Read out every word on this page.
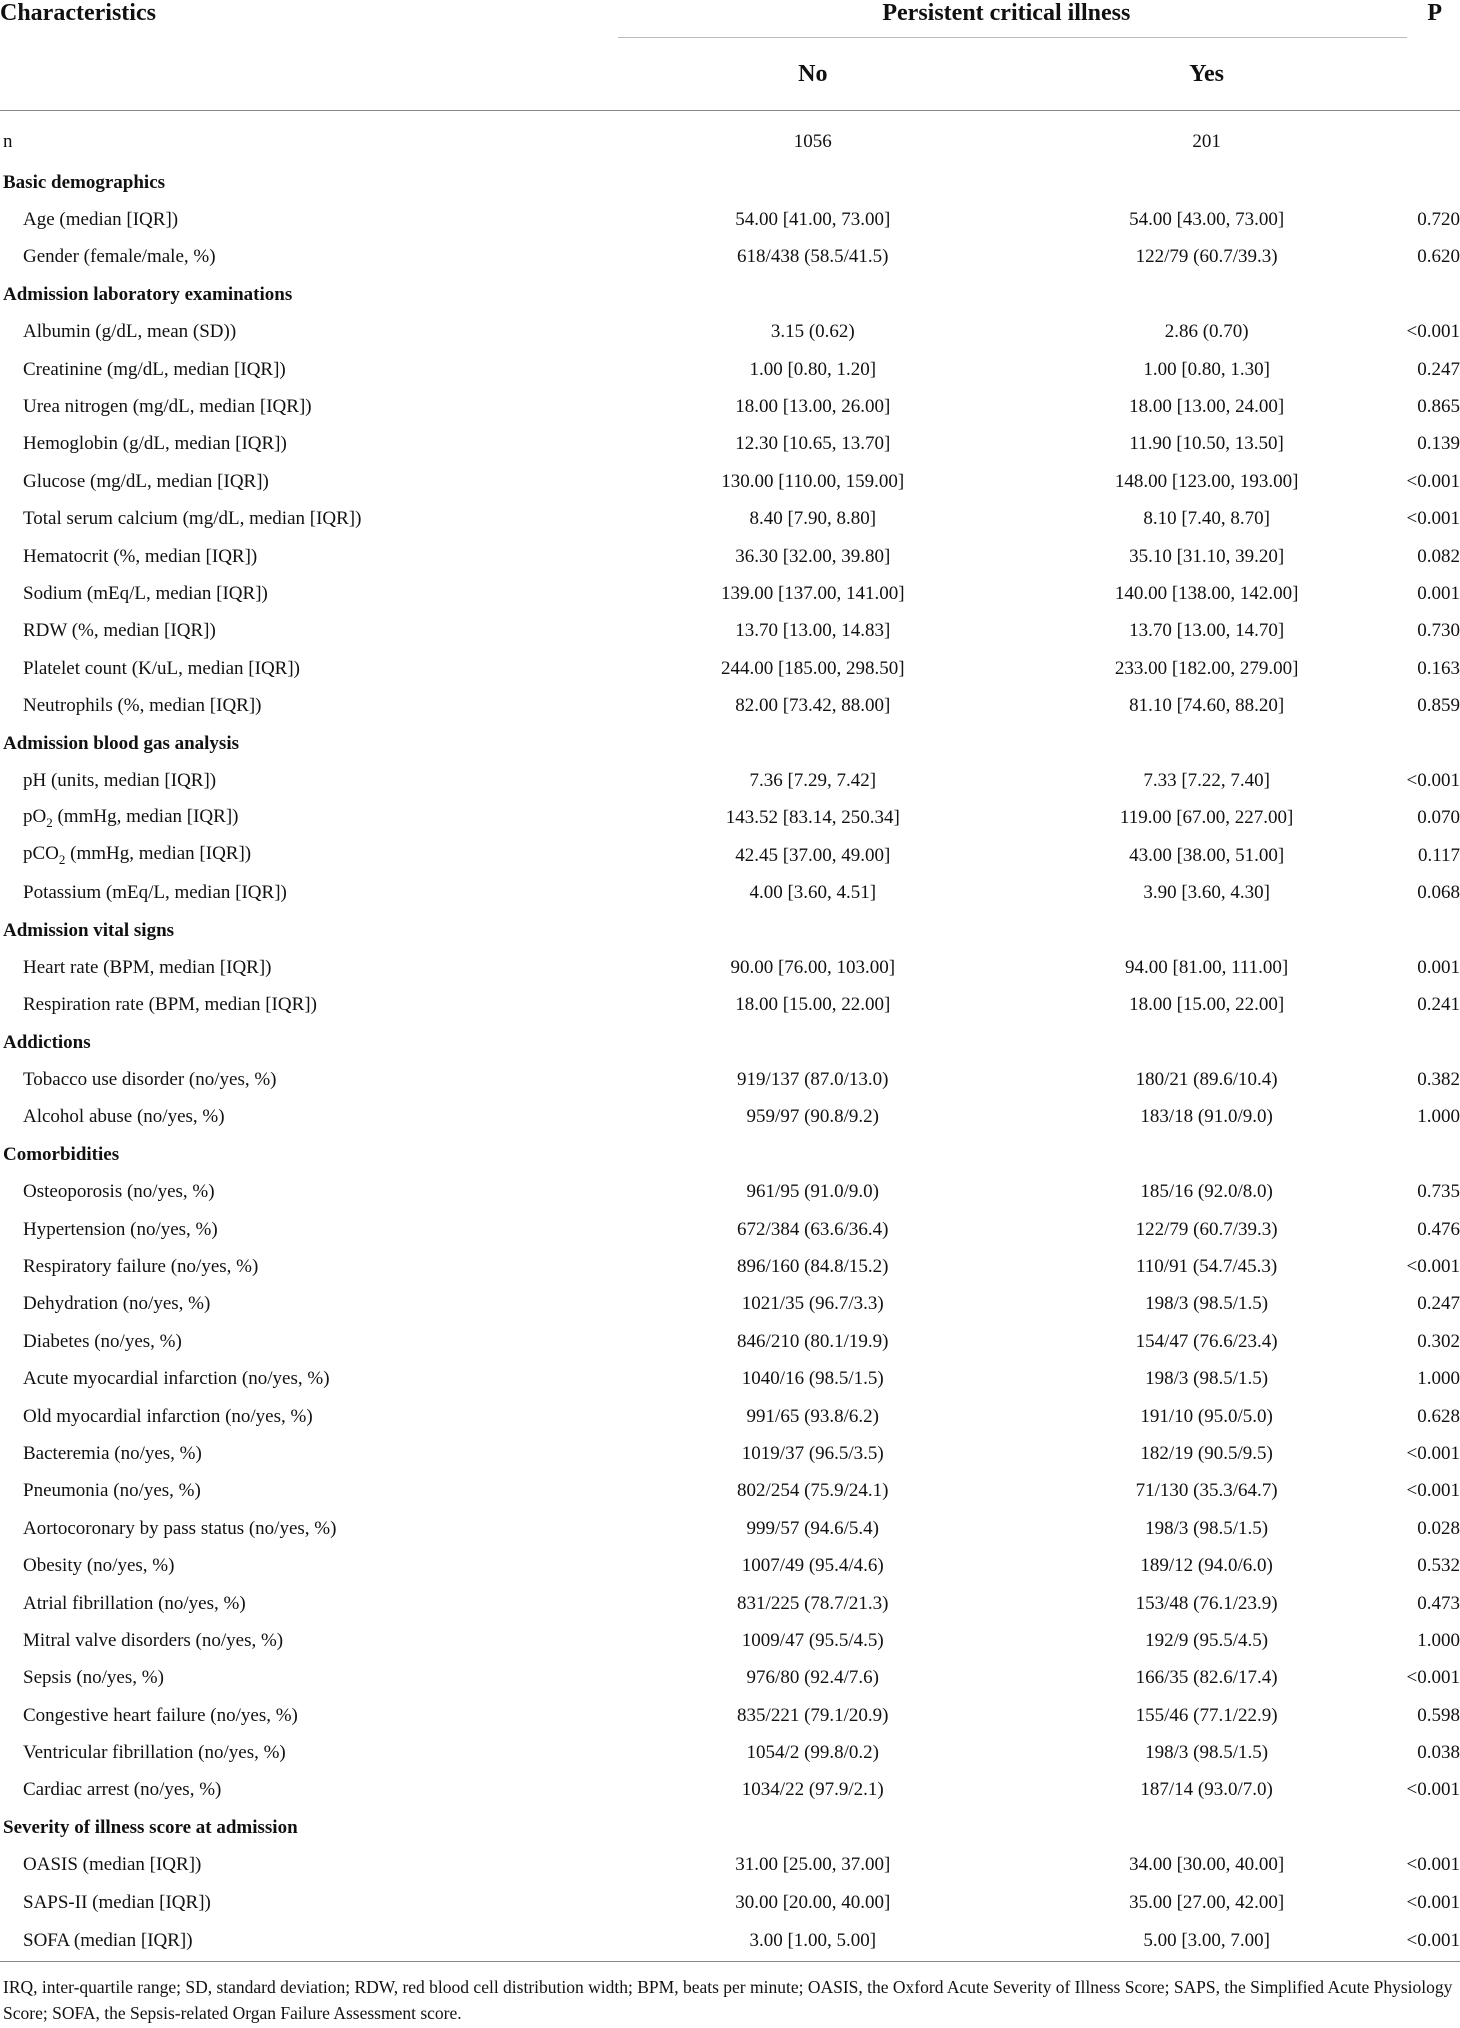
Characteristics	Persistent critical illness		P
	No	Yes	
n	1056	201	
Basic demographics			
Age (median [IQR])	54.00 [41.00, 73.00]	54.00 [43.00, 73.00]	0.720
Gender (female/male, %)	618/438 (58.5/41.5)	122/79 (60.7/39.3)	0.620
Admission laboratory examinations			
Albumin (g/dL, mean (SD))	3.15 (0.62)	2.86 (0.70)	<0.001
Creatinine (mg/dL, median [IQR])	1.00 [0.80, 1.20]	1.00 [0.80, 1.30]	0.247
Urea nitrogen (mg/dL, median [IQR])	18.00 [13.00, 26.00]	18.00 [13.00, 24.00]	0.865
Hemoglobin (g/dL, median [IQR])	12.30 [10.65, 13.70]	11.90 [10.50, 13.50]	0.139
Glucose (mg/dL, median [IQR])	130.00 [110.00, 159.00]	148.00 [123.00, 193.00]	<0.001
Total serum calcium (mg/dL, median [IQR])	8.40 [7.90, 8.80]	8.10 [7.40, 8.70]	<0.001
Hematocrit (%, median [IQR])	36.30 [32.00, 39.80]	35.10 [31.10, 39.20]	0.082
Sodium (mEq/L, median [IQR])	139.00 [137.00, 141.00]	140.00 [138.00, 142.00]	0.001
RDW (%, median [IQR])	13.70 [13.00, 14.83]	13.70 [13.00, 14.70]	0.730
Platelet count (K/uL, median [IQR])	244.00 [185.00, 298.50]	233.00 [182.00, 279.00]	0.163
Neutrophils (%, median [IQR])	82.00 [73.42, 88.00]	81.10 [74.60, 88.20]	0.859
Admission blood gas analysis			
pH (units, median [IQR])	7.36 [7.29, 7.42]	7.33 [7.22, 7.40]	<0.001
$pO_2$ (mmHg, median [IQR])	143.52 [83.14, 250.34]	119.00 [67.00, 227.00]	0.070
pCO$_2$ (mmHg, median [IQR])	42.45 [37.00, 49.00]	43.00 [38.00, 51.00]	0.117
Potassium (mEq/L, median [IQR])	4.00 [3.60, 4.51]	3.90 [3.60, 4.30]	0.068
Admission vital signs			
Heart rate (BPM, median [IQR])	90.00 [76.00, 103.00]	94.00 [81.00, 111.00]	0.001
Respiration rate (BPM, median [IQR])	18.00 [15.00, 22.00]	18.00 [15.00, 22.00]	0.241
Addictions			
Tobacco use disorder (no/yes, %)	919/137 (87.0/13.0)	180/21 (89.6/10.4)	0.382
Alcohol abuse (no/yes, %)	959/97 (90.8/9.2)	183/18 (91.0/9.0)	1.000
Comorbidities			
Osteoporosis (no/yes, %)	961/95 (91.0/9.0)	185/16 (92.0/8.0)	0.735
Hypertension (no/yes, %)	672/384 (63.6/36.4)	122/79 (60.7/39.3)	0.476
Respiratory failure (no/yes, %)	896/160 (84.8/15.2)	110/91 (54.7/45.3)	<0.001
Dehydration (no/yes, %)	1021/35 (96.7/3.3)	198/3 (98.5/1.5)	0.247
Diabetes (no/yes, %)	846/210 (80.1/19.9)	154/47 (76.6/23.4)	0.302
Acute myocardial infarction (no/yes, %)	1040/16 (98.5/1.5)	198/3 (98.5/1.5)	1.000
Old myocardial infarction (no/yes, %)	991/65 (93.8/6.2)	191/10 (95.0/5.0)	0.628
Bacteremia (no/yes, %)	1019/37 (96.5/3.5)	182/19 (90.5/9.5)	<0.001
Pneumonia (no/yes, %)	802/254 (75.9/24.1)	71/130 (35.3/64.7)	<0.001
Aortocoronary by pass status (no/yes, %)	999/57 (94.6/5.4)	198/3 (98.5/1.5)	0.028
Obesity (no/yes, %)	1007/49 (95.4/4.6)	189/12 (94.0/6.0)	0.532
Atrial fibrillation (no/yes, %)	831/225 (78.7/21.3)	153/48 (76.1/23.9)	0.473
Mitral valve disorders (no/yes, %)	1009/47 (95.5/4.5)	192/9 (95.5/4.5)	1.000
Sepsis (no/yes, %)	976/80 (92.4/7.6)	166/35 (82.6/17.4)	<0.001
Congestive heart failure (no/yes, %)	835/221 (79.1/20.9)	155/46 (77.1/22.9)	0.598
Ventricular fibrillation (no/yes, %)	1054/2 (99.8/0.2)	198/3 (98.5/1.5)	0.038
Cardiac arrest (no/yes, %)	1034/22 (97.9/2.1)	187/14 (93.0/7.0)	<0.001
Severity of illness score at admission			
OASIS (median [IQR])	31.00 [25.00, 37.00]	34.00 [30.00, 40.00]	<0.001
SAPS-II (median [IQR])	30.00 [20.00, 40.00]	35.00 [27.00, 42.00]	<0.001
SOFA (median [IQR])	3.00 [1.00, 5.00]	5.00 [3.00, 7.00]	<0.001
IRQ, inter-quartile range; SD, standard deviation; RDW, red blood cell distribution width; BPM, beats per minute; OASIS, the Oxford Acute Severity of Illness Score; SAPS, the Simplified Acute Physiology Score; SOFA, the Sepsis-related Organ Failure Assessment score.
